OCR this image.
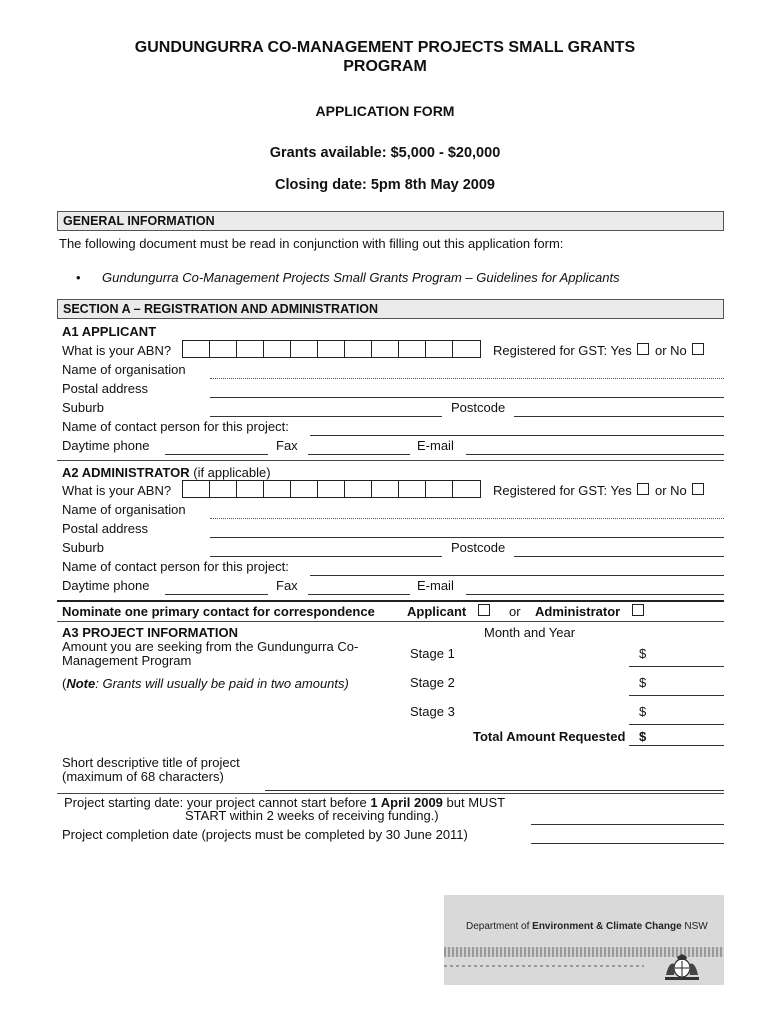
GUNDUNGURRA CO-MANAGEMENT PROJECTS SMALL GRANTS
PROGRAM
APPLICATION FORM
Grants available: $5,000 - $20,000
Closing date: 5pm 8th May 2009
GENERAL INFORMATION
The following document must be read in conjunction with filling out this application form:
• Gundungurra Co-Management Projects Small Grants Program – Guidelines for Applicants
SECTION A – REGISTRATION AND ADMINISTRATION
A1 APPLICANT
What is your ABN?	Registered for GST: Yes or No
Name of organisation
Postal address
Suburb	Postcode
Name of contact person for this project:
Daytime phone	Fax	E-mail
A2 ADMINISTRATOR (if applicable)
What is your ABN?	Registered for GST: Yes or No
Name of organisation
Postal address
Suburb	Postcode
Name of contact person for this project:
Daytime phone	Fax	E-mail
Nominate one primary contact for correspondence Applicant	or Administrator
A3 PROJECT INFORMATION	Month and Year
Amount you are seeking from the Gundungurra Co-
Management Program
(Note: Grants will usually be paid in two amounts)
Stage 1	$
Stage 2	$
Stage 3	$
Total Amount Requested $
Short descriptive title of project
(maximum of 68 characters)
Project starting date: your project cannot start before 1 April 2009 but MUST
START within 2 weeks of receiving funding.)
Project completion date (projects must be completed by 30 June 2011)
Department of Environment & Climate Change NSW
